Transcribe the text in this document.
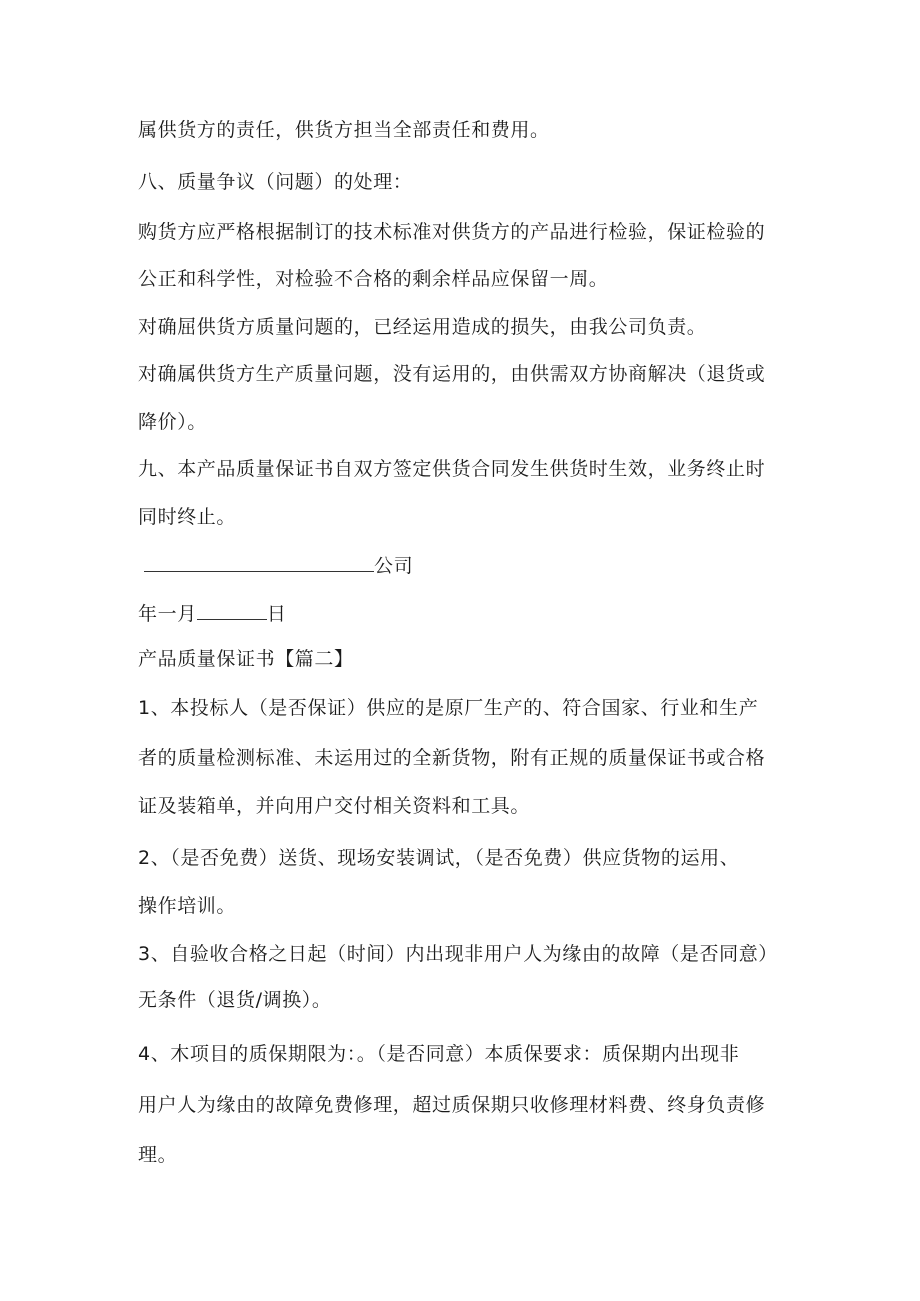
属供货方的责任，供货方担当全部责任和费用。
八、质量争议（问题）的处理：
购货方应严格根据制订的技术标准对供货方的产品进行检验，保证检验的
公正和科学性，对检验不合格的剩余样品应保留一周。
对确屈供货方质量问题的，已经运用造成的损失，由我公司负责。
对确属供货方生产质量问题，没有运用的，由供需双方协商解决（退货或
降价）。
九、本产品质量保证书自双方签定供货合同发生供货时生效，业务终止时
同时终止。
公司
年一月	日
产品质量保证书【篇二】
1、本投标人（是否保证）供应的是原厂生产的、符合国家、行业和生产
者的质量检测标准、未运用过的全新货物，附有正规的质量保证书或合格
证及装箱单，并向用户交付相关资料和工具。
2、（是否免费）送货、现场安装调试，（是否免费）供应货物的运用、
操作培训。
3、自验收合格之日起（时间）内出现非用户人为缘由的故障（是否同意）
无条件（退货/调换）。
4、木项目的质保期限为：。（是否同意）本质保要求：质保期内出现非
用户人为缘由的故障免费修理，超过质保期只收修理材料费、终身负责修
理。
